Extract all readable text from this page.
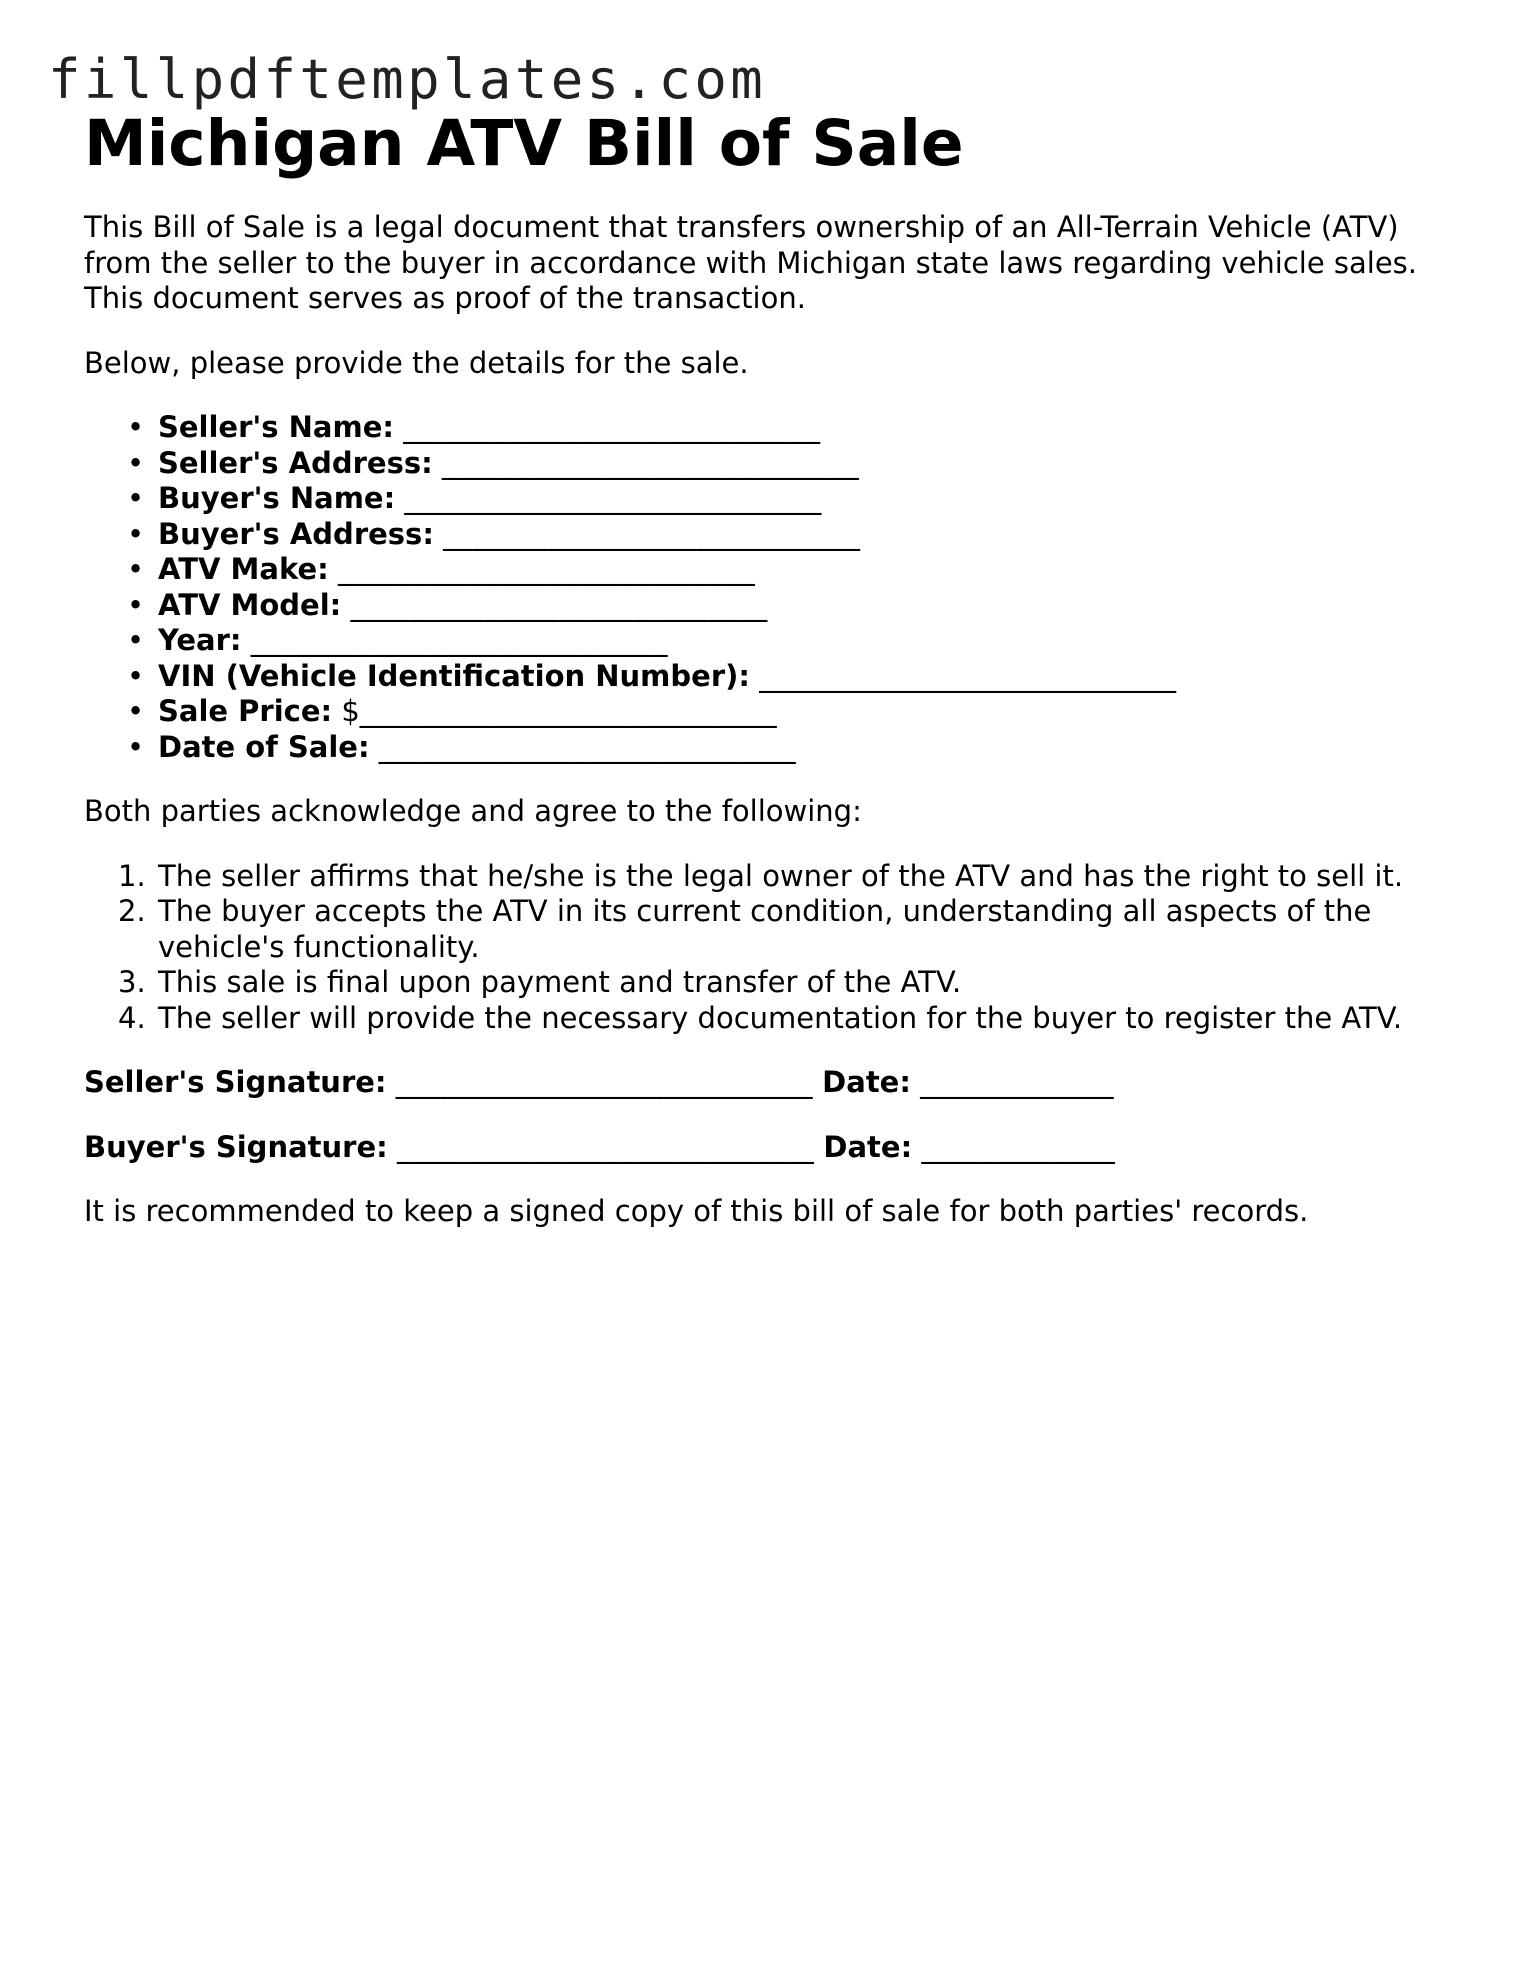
fillpdftemplates.com
Michigan ATV Bill of Sale

This Bill of Sale is a legal document that transfers ownership of an All-Terrain Vehicle (ATV) from the seller to the buyer in accordance with Michigan state laws regarding vehicle sales. This document serves as proof of the transaction.

Below, please provide the details for the sale.

• Seller's Name: ____________________________
• Seller's Address: ____________________________
• Buyer's Name: ____________________________
• Buyer's Address: ____________________________
• ATV Make: ____________________________
• ATV Model: ____________________________
• Year: ____________________________
• VIN (Vehicle Identification Number): ____________________________
• Sale Price: $____________________________
• Date of Sale: ____________________________

Both parties acknowledge and agree to the following:

1. The seller affirms that he/she is the legal owner of the ATV and has the right to sell it.
2. The buyer accepts the ATV in its current condition, understanding all aspects of the vehicle's functionality.
3. This sale is final upon payment and transfer of the ATV.
4. The seller will provide the necessary documentation for the buyer to register the ATV.
Seller's Signature: ____________________________ Date: _____________
Buyer's Signature: ____________________________ Date: _____________

It is recommended to keep a signed copy of this bill of sale for both parties' records.
